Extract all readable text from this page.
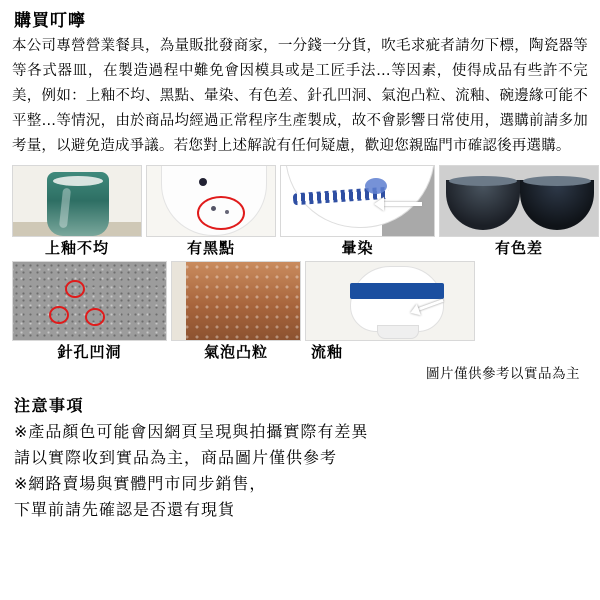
購買叮嚀
本公司專營營業餐具，為量販批發商家，一分錢一分貨，吹毛求疵者請勿下標，陶瓷器等等各式器皿，在製造過程中難免會因模具或是工匠手法…等因素，使得成品有些許不完美，例如：上釉不均、黑點、暈染、有色差、針孔凹洞、氣泡凸粒、流釉、碗邊緣可能不平整…等情況，由於商品均經過正常程序生產製成，故不會影響日常使用，選購前請多加考量，以避免造成爭議。若您對上述解說有任何疑慮，歡迎您親臨門市確認後再選購。
上釉不均	有黑點	暈染	有色差
針孔凹洞	氣泡凸粒	流釉
圖片僅供參考以實品為主
注意事項
※產品顏色可能會因網頁呈現與拍攝實際有差異
請以實際收到實品為主，商品圖片僅供參考
※網路賣場與實體門市同步銷售，
下單前請先確認是否還有現貨
